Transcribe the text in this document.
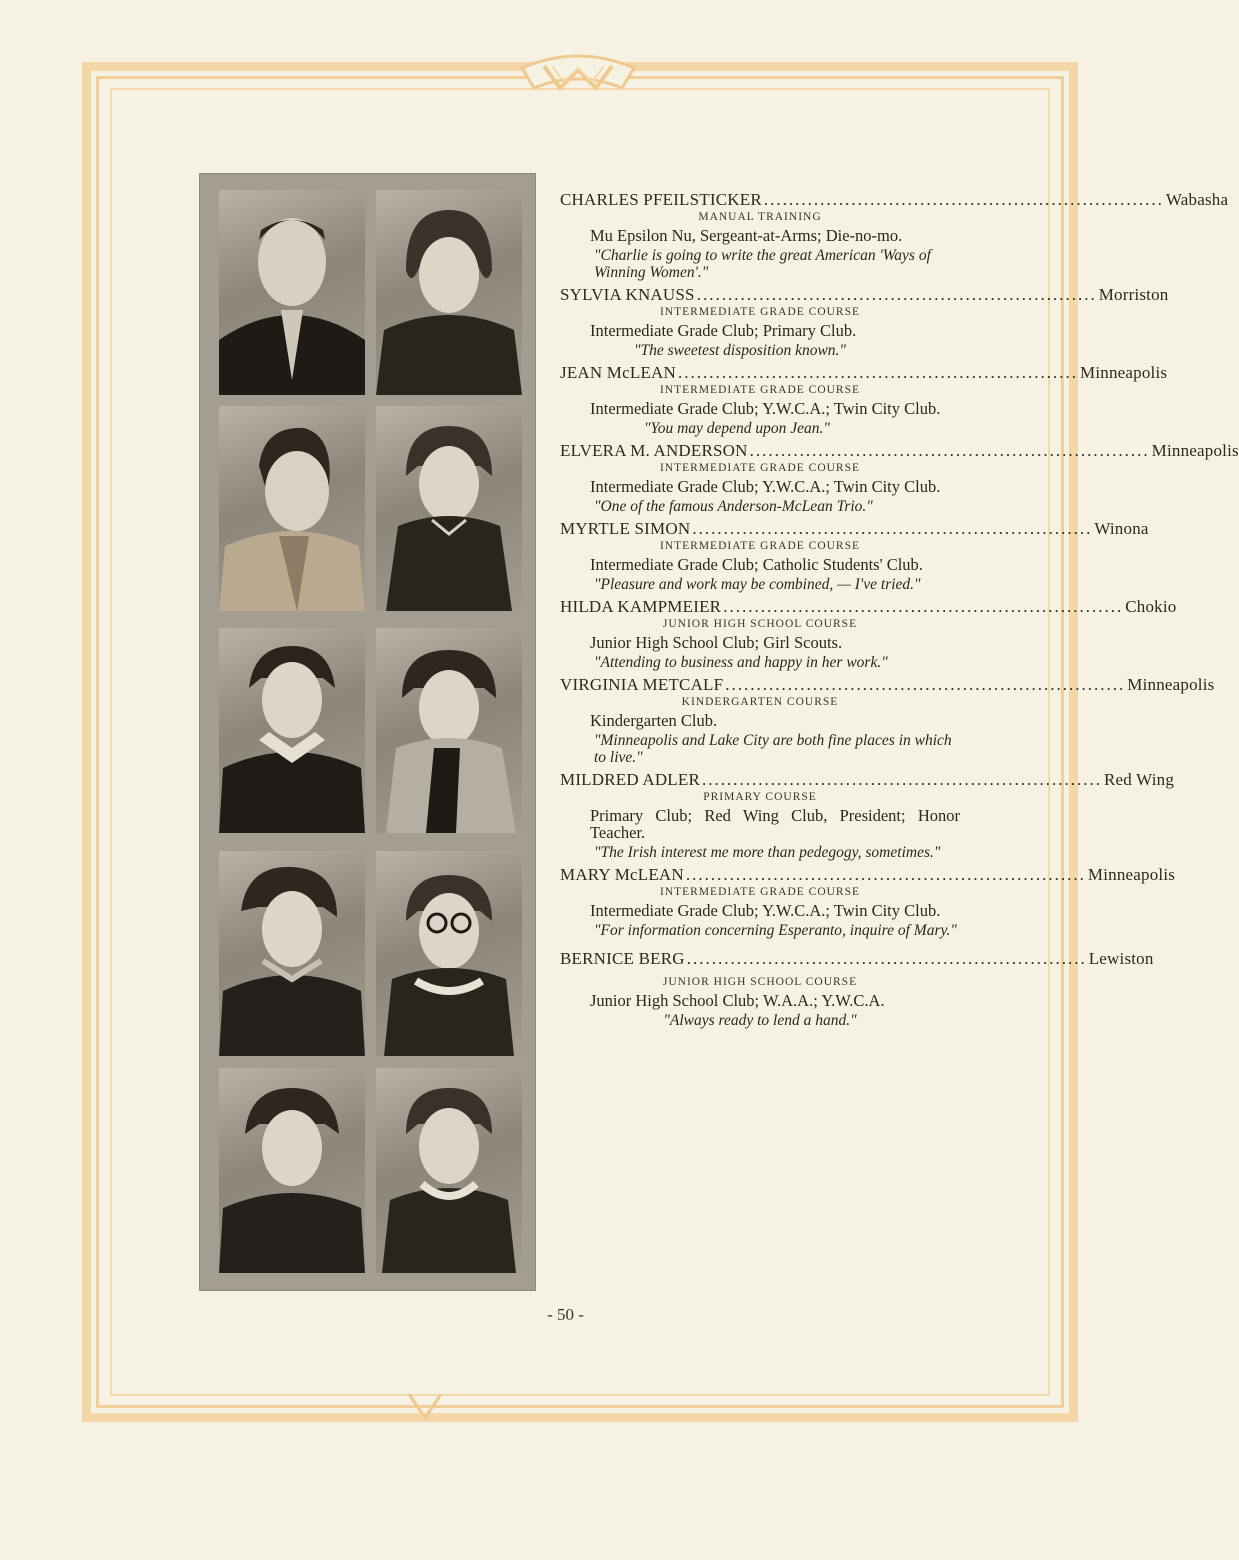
CHARLES PFEILSTICKER ................................................................ Wabasha
MANUAL TRAINING
Mu Epsilon Nu, Sergeant-at-Arms; Die-no-mo.
"Charlie is going to write the great American 'Ways of Winning Women'."
SYLVIA KNAUSS ................................................................ Morriston
INTERMEDIATE GRADE COURSE
Intermediate Grade Club; Primary Club.
"The sweetest disposition known."
JEAN McLEAN ................................................................ Minneapolis
INTERMEDIATE GRADE COURSE
Intermediate Grade Club; Y.W.C.A.; Twin City Club.
"You may depend upon Jean."
ELVERA M. ANDERSON ................................................................ Minneapolis
INTERMEDIATE GRADE COURSE
Intermediate Grade Club; Y.W.C.A.; Twin City Club.
"One of the famous Anderson-McLean Trio."
MYRTLE SIMON ................................................................ Winona
INTERMEDIATE GRADE COURSE
Intermediate Grade Club; Catholic Students' Club.
"Pleasure and work may be combined, — I've tried."
HILDA KAMPMEIER ................................................................ Chokio
JUNIOR HIGH SCHOOL COURSE
Junior High School Club; Girl Scouts.
"Attending to business and happy in her work."
VIRGINIA METCALF ................................................................ Minneapolis
KINDERGARTEN COURSE
Kindergarten Club.
"Minneapolis and Lake City are both fine places in which to live."
MILDRED ADLER ................................................................ Red Wing
PRIMARY COURSE
Primary Club; Red Wing Club, President; Honor Teacher.
"The Irish interest me more than pedegogy, sometimes."
MARY McLEAN ................................................................ Minneapolis
INTERMEDIATE GRADE COURSE
Intermediate Grade Club; Y.W.C.A.; Twin City Club.
"For information concerning Esperanto, inquire of Mary."
BERNICE BERG ................................................................ Lewiston
JUNIOR HIGH SCHOOL COURSE
Junior High School Club; W.A.A.; Y.W.C.A.
"Always ready to lend a hand."
- 50 -
